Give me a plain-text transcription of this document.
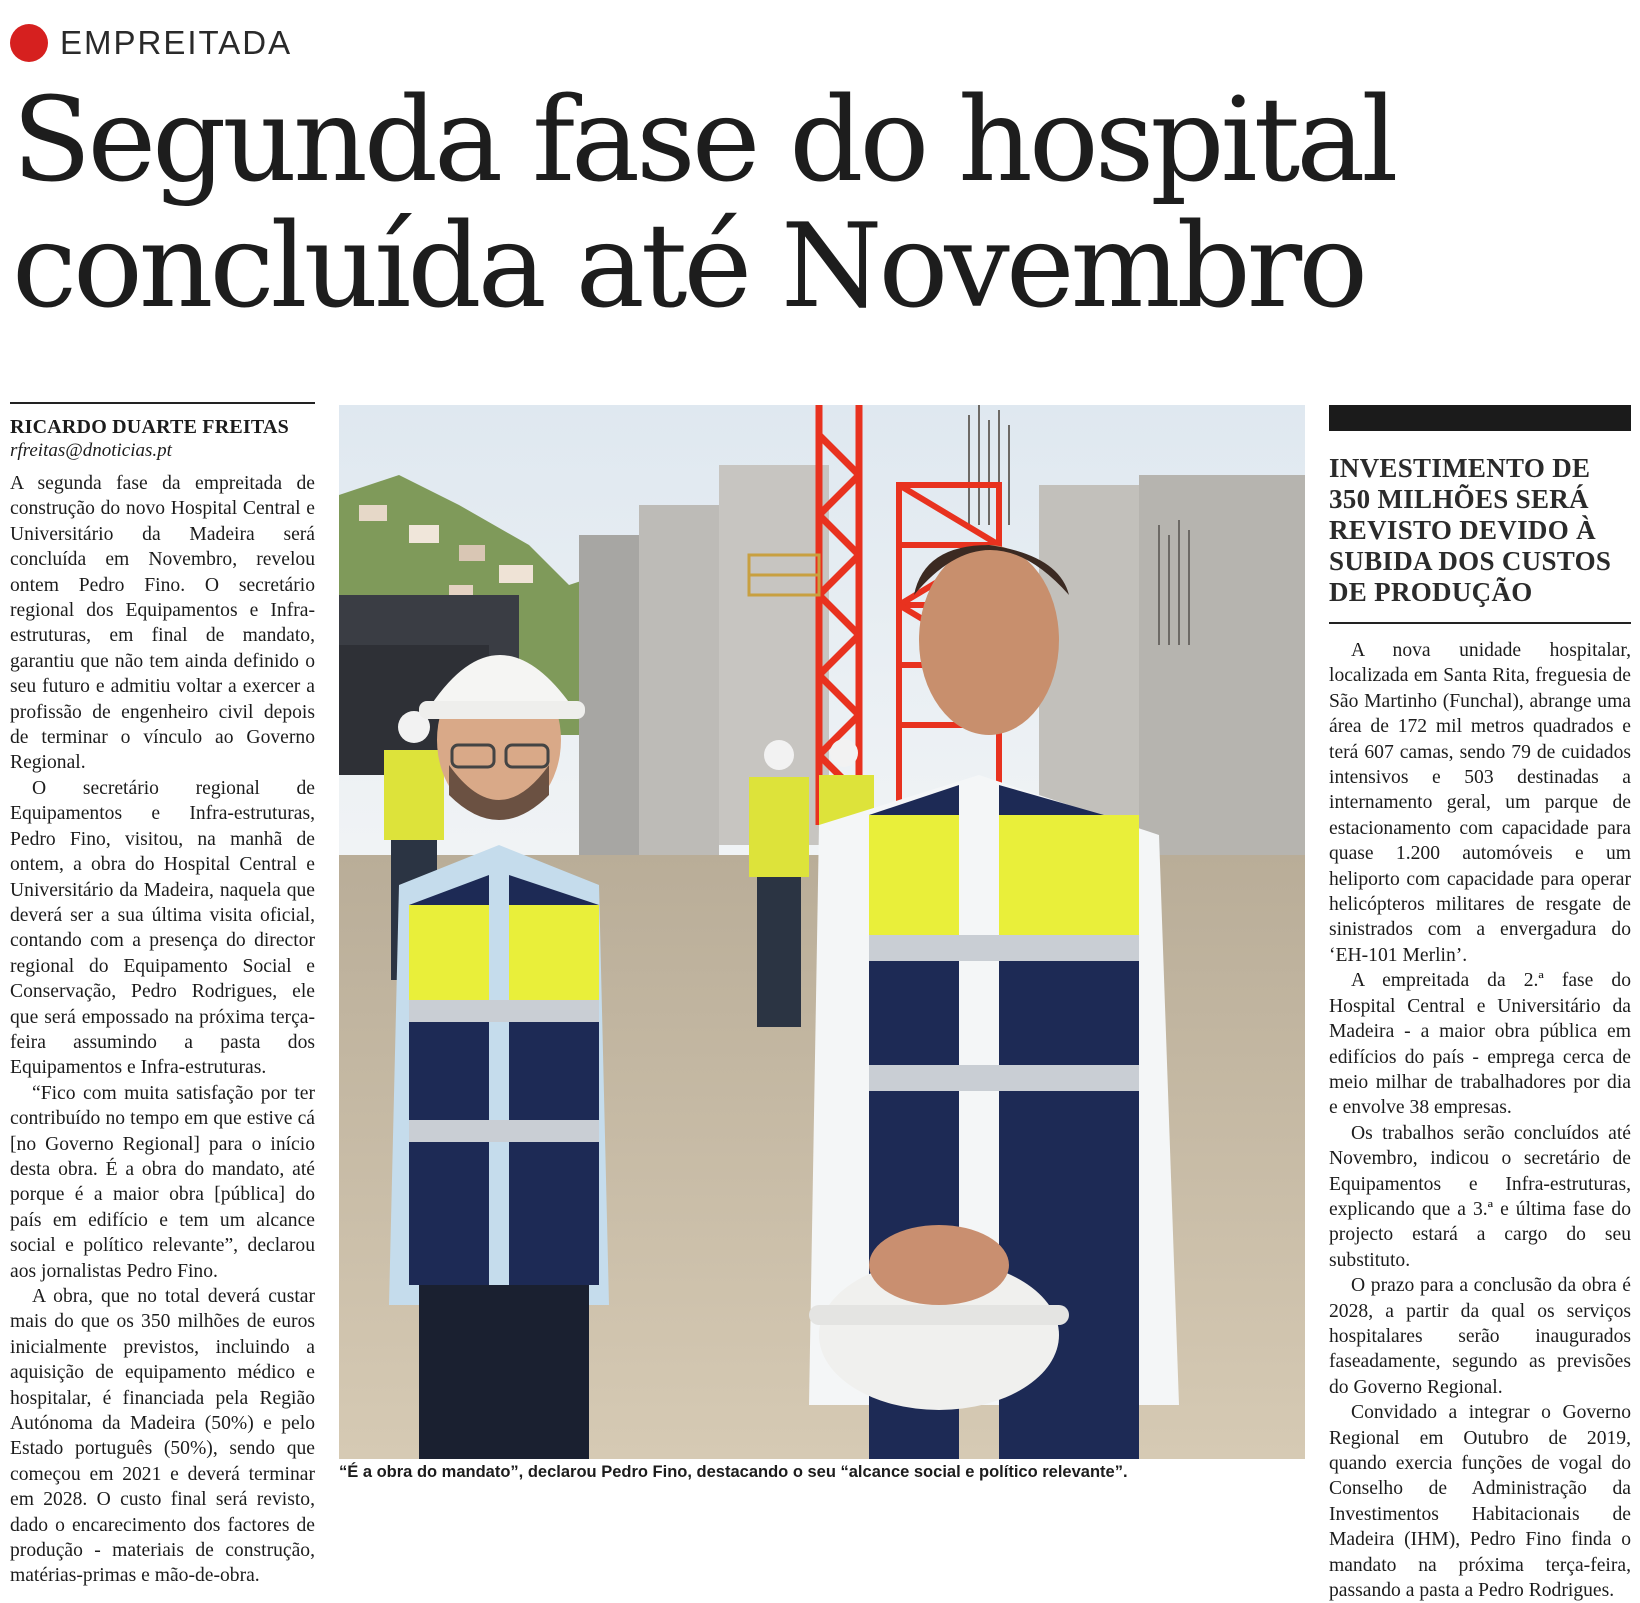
EMPREITADA
Segunda fase do hospital
concluída até Novembro
RICARDO DUARTE FREITAS
rfreitas@dnoticias.pt

A segunda fase da empreitada de construção do novo Hospital Central e Universitário da Madeira será concluída em Novembro, revelou ontem Pedro Fino. O secretário regional dos Equipamentos e Infra-estruturas, em final de mandato, garantiu que não tem ainda definido o seu futuro e admitiu voltar a exercer a profissão de engenheiro civil depois de terminar o vínculo ao Governo Regional.

O secretário regional de Equipamentos e Infra-estruturas, Pedro Fino, visitou, na manhã de ontem, a obra do Hospital Central e Universitário da Madeira, naquela que deverá ser a sua última visita oficial, contando com a presença do director regional do Equipamento Social e Conservação, Pedro Rodrigues, ele que será empossado na próxima terça-feira assumindo a pasta dos Equipamentos e Infra-estruturas.

“Fico com muita satisfação por ter contribuído no tempo em que estive cá [no Governo Regional] para o início desta obra. É a obra do mandato, até porque é a maior obra [pública] do país em edifício e tem um alcance social e político relevante”, declarou aos jornalistas Pedro Fino.

A obra, que no total deverá custar mais do que os 350 milhões de euros inicialmente previstos, incluindo a aquisição de equipamento médico e hospitalar, é financiada pela Região Autónoma da Madeira (50%) e pelo Estado português (50%), sendo que começou em 2021 e deverá terminar em 2028. O custo final será revisto, dado o encarecimento dos factores de produção - materiais de construção, matérias-primas e mão-de-obra.

“É a obra do mandato”, declarou Pedro Fino, destacando o seu “alcance social e político relevante”.
INVESTIMENTO DE 350 MILHÕES SERÁ REVISTO DEVIDO À SUBIDA DOS CUSTOS DE PRODUÇÃO

A nova unidade hospitalar, localizada em Santa Rita, freguesia de São Martinho (Funchal), abrange uma área de 172 mil metros quadrados e terá 607 camas, sendo 79 de cuidados intensivos e 503 destinadas a internamento geral, um parque de estacionamento com capacidade para quase 1.200 automóveis e um heliporto com capacidade para operar helicópteros militares de resgate de sinistrados com a envergadura do ‘EH-101 Merlin’.

A empreitada da 2.ª fase do Hospital Central e Universitário da Madeira - a maior obra pública em edifícios do país - emprega cerca de meio milhar de trabalhadores por dia e envolve 38 empresas.

Os trabalhos serão concluídos até Novembro, indicou o secretário de Equipamentos e Infra-estruturas, explicando que a 3.ª e última fase do projecto estará a cargo do seu substituto.

O prazo para a conclusão da obra é 2028, a partir da qual os serviços hospitalares serão inaugurados faseadamente, segundo as previsões do Governo Regional.

Convidado a integrar o Governo Regional em Outubro de 2019, quando exercia funções de vogal do Conselho de Administração da Investimentos Habitacionais de Madeira (IHM), Pedro Fino finda o mandato na próxima terça-feira, passando a pasta a Pedro Rodrigues.
